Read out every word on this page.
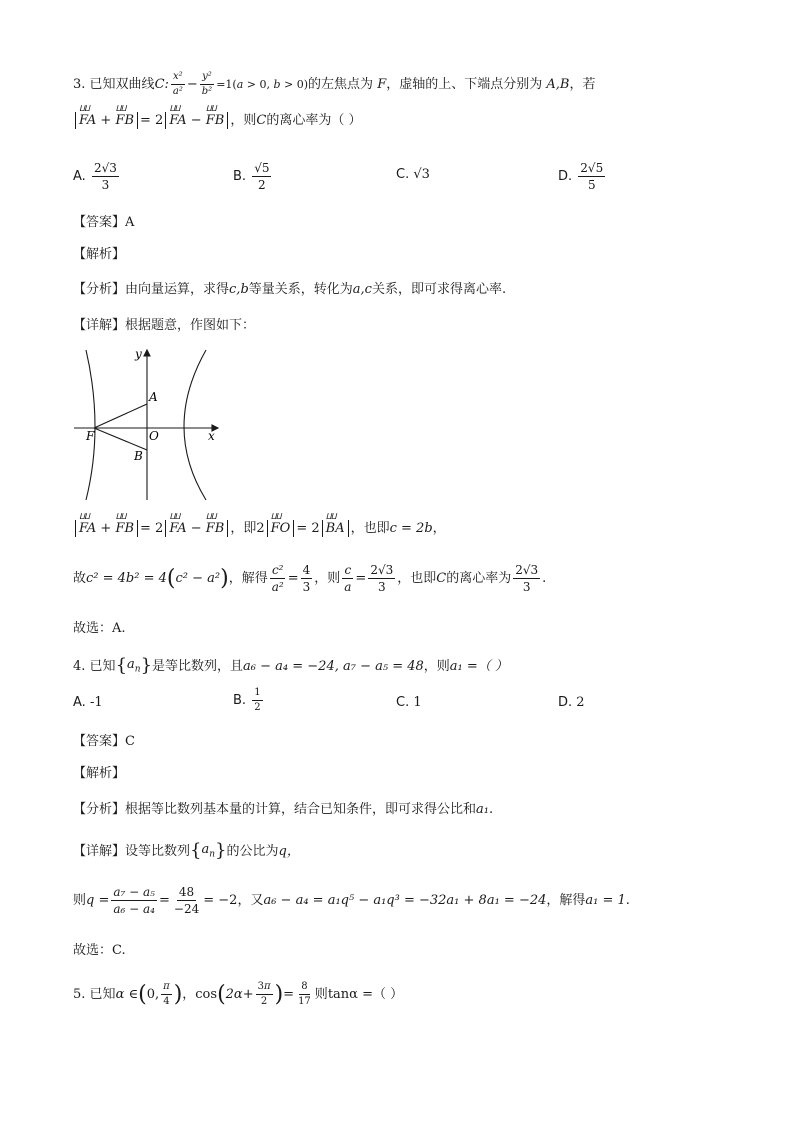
3.
已知双曲线 C: $\frac{\text{x²}}{\text{a²}} - \frac{\text{y²}}{\text{b²}} =1(a > 0$, b > 0) 的左焦点为
F ，虚轴的上、下端点分别为
A,B ，若
ⵡⵡ FA + ⵡⵡ FB = 2 ⵡⵡ FA − ⵡⵡ FB ，则 C 的离心率为（ ）
A.
$\frac{2√3}{3}$	B.
$\frac{√5}{2}$	C.
√3	D.
$\frac{2√5}{5}$
【答案】A
【解析】
【分析】由向量运算，求得c,b等量关系，转化为a,c关系，即可求得离心率.
【详解】根据题意，作图如下：
y
x
A
O
F
B
ⵡⵡ FA + ⵡⵡ FB = 2 ⵡⵡ FA − ⵡⵡ FB ，即 2 ⵡⵡ FO = 2 ⵡⵡ BA ，也即 c = 2b ，
故 c² = 4b² = 4 ( c² − a² ) ，解得 $\frac{\text{c²}}{\text{a²}} = \frac{4}{3}$ ，则 $\frac{c}{a} = \frac{2√3}{3}$ ，也即 C 的离心率为 $\frac{2√3}{3}$ .
故选：A.
4.
已知 { $a_n$ } 是等比数列，且 a₆ − a₄ = −24, a₇ − a₅ = 48 ，则 a₁ =（ ）
A.
-1	B.
$\frac{1}{2}$	C.
1	D.
2
【答案】C
【解析】
【分析】根据等比数列基本量的计算，结合已知条件，即可求得公比和a₁.
【详解】 设等比数列 { $a_n$ } 的公比为 q，
则 $q = \frac{\text{a₇ − a₅}}{\text{a₆ − a₄}} = \frac{48}{-24} = -2$ ，又 a₆ − a₄ = a₁q⁵ − a₁q³ = −32a₁ + 8a₁ = −24 ，解得 a₁ = 1.
故选：C.
5.
已知 α ∈ ( 0, $\frac{\pi}{4}$ ) ，cos ( $2\alpha+ \frac{3\pi}{2}$ ) = $\frac{8}{17}$ 则 tanα =（ ）
